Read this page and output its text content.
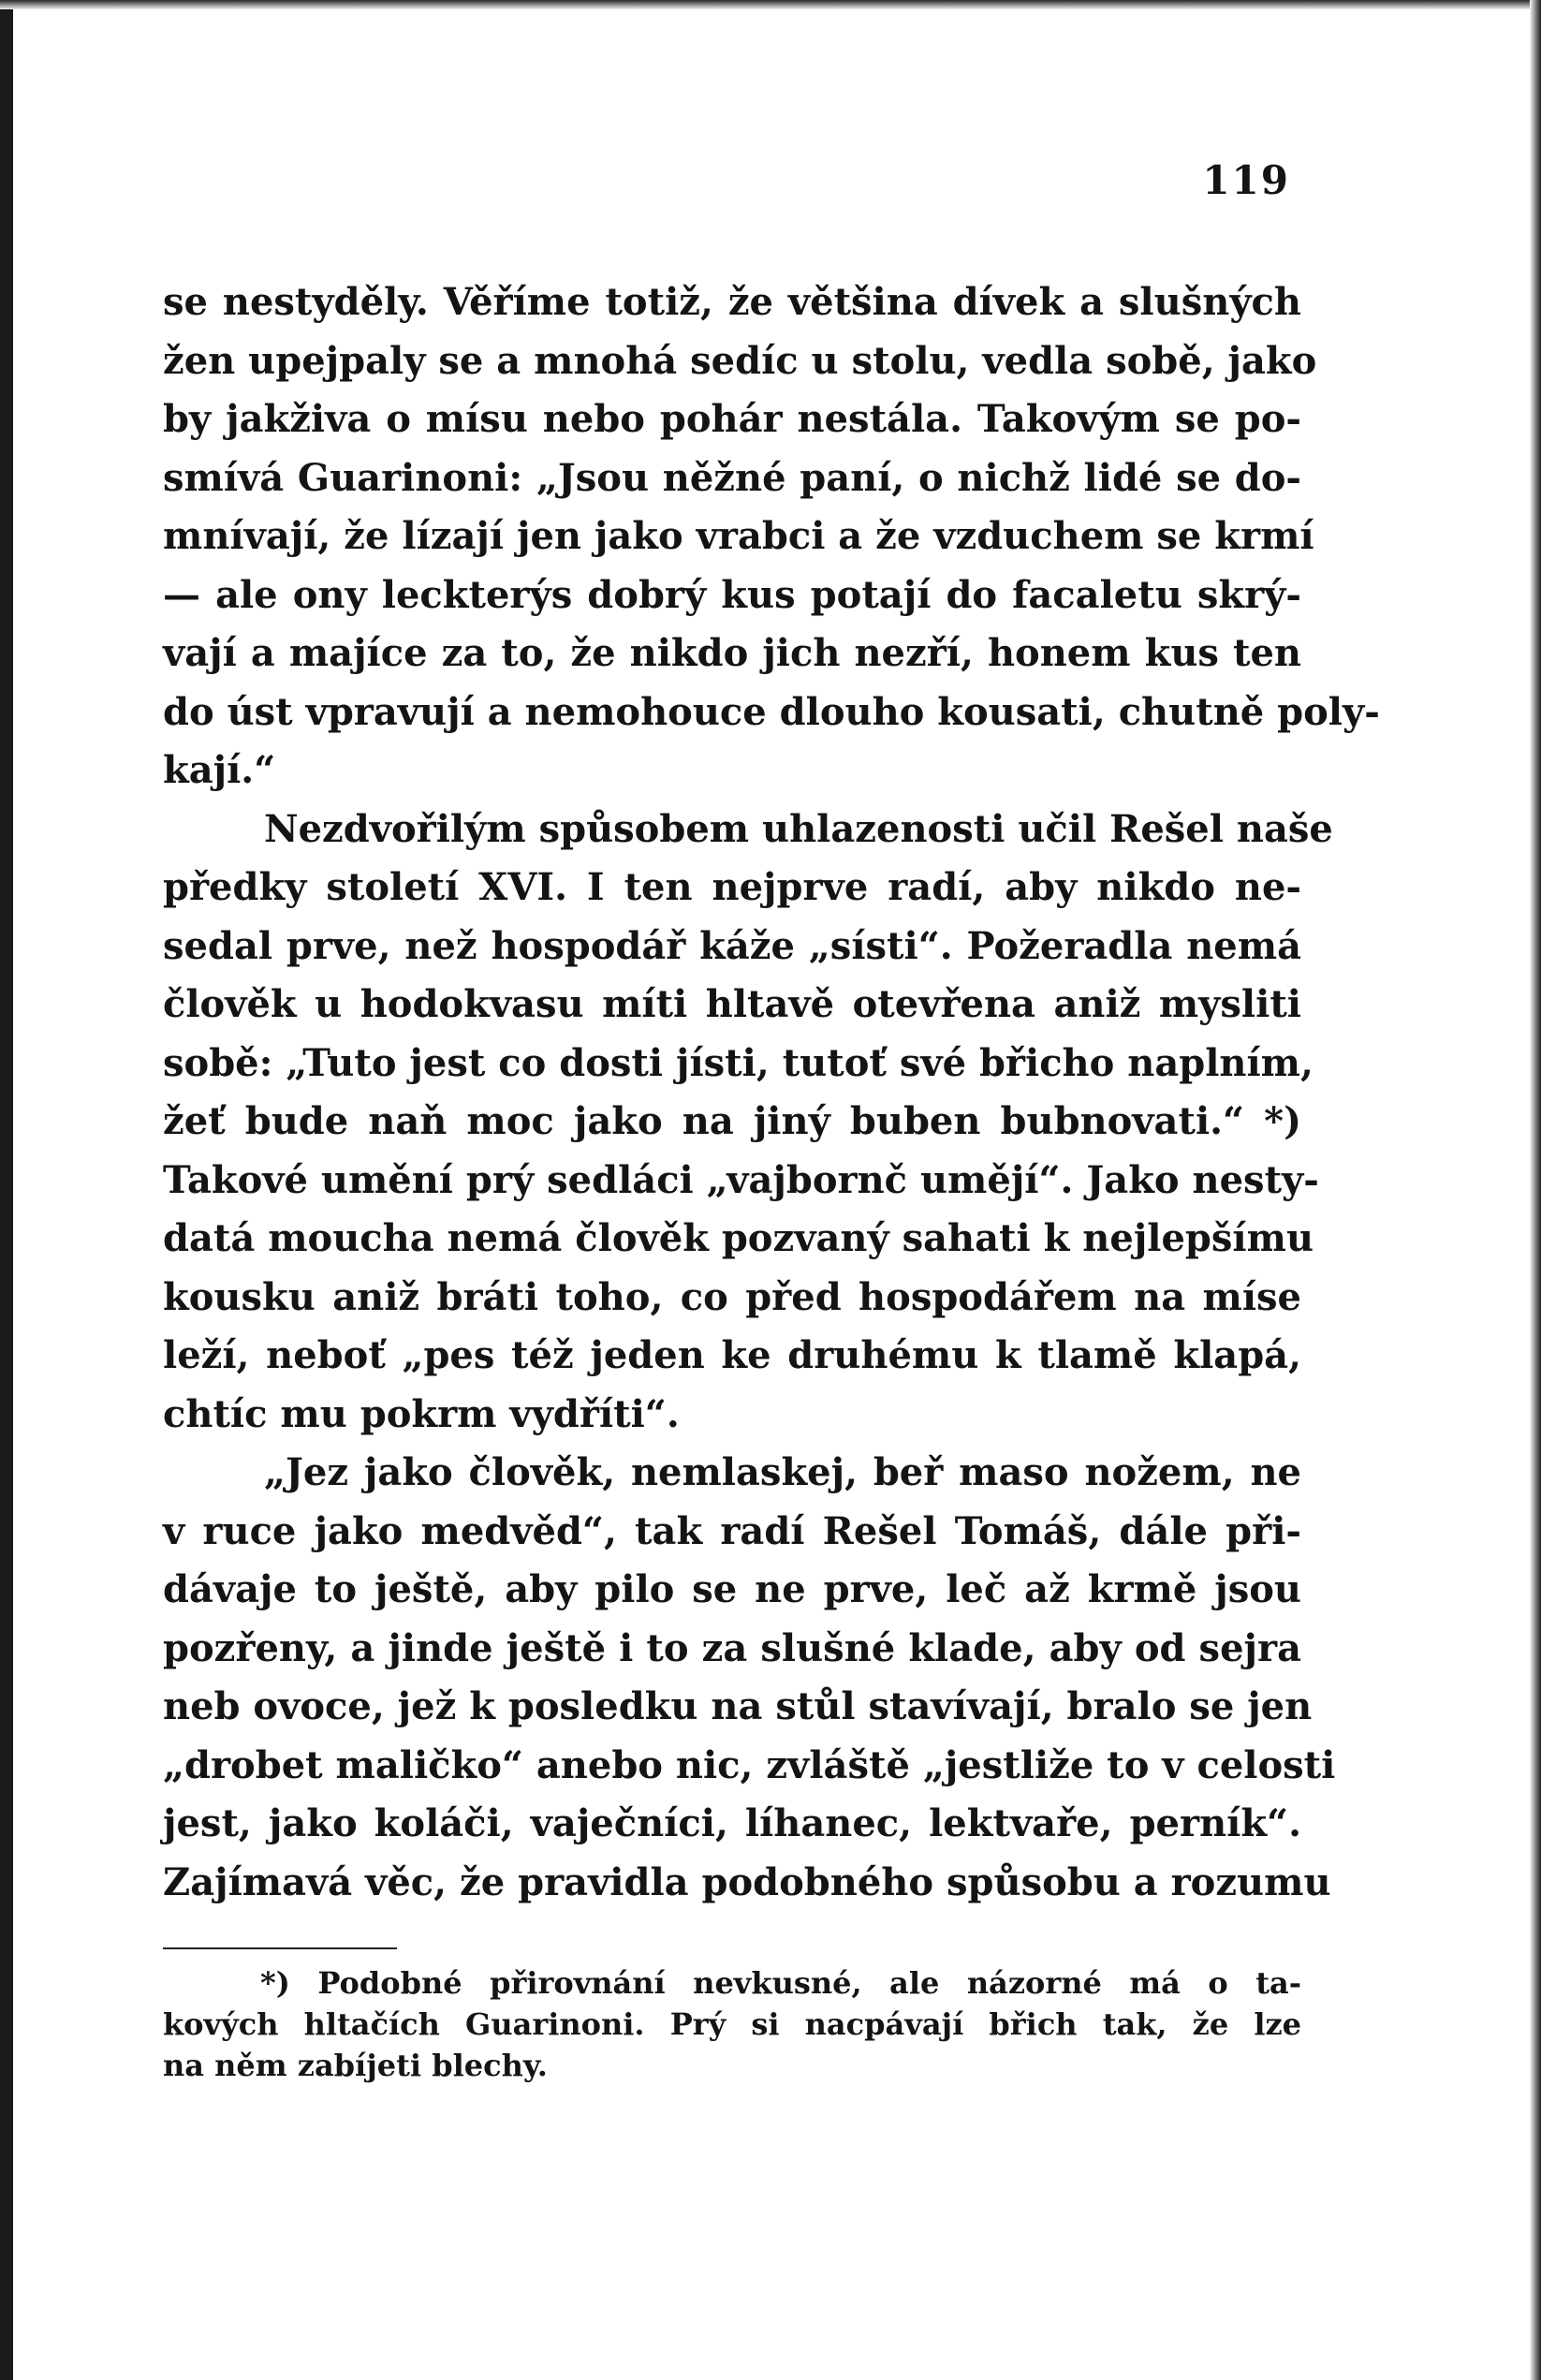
119
se nestyděly. Věříme totiž, že většina dívek a slušných
žen upejpaly se a mnohá sedíc u stolu, vedla sobě, jako
by jakživa o mísu nebo pohár nestála. Takovým se po-
smívá Guarinoni: „Jsou něžné paní, o nichž lidé se do-
mnívají, že lízají jen jako vrabci a že vzduchem se krmí
— ale ony leckterýs dobrý kus potají do facaletu skrý-
vají a majíce za to, že nikdo jich nezří, honem kus ten
do úst vpravují a nemohouce dlouho kousati, chutně poly-
kají.“
Nezdvořilým spůsobem uhlazenosti učil Rešel naše
předky století XVI. I ten nejprve radí, aby nikdo ne-
sedal prve, než hospodář káže „sísti“. Požeradla nemá
člověk u hodokvasu míti hltavě otevřena aniž mysliti
sobě: „Tuto jest co dosti jísti, tutoť své břicho naplním,
žeť bude naň moc jako na jiný buben bubnovati.“ *)
Takové umění prý sedláci „vajbornč umějí“. Jako nesty-
datá moucha nemá člověk pozvaný sahati k nejlepšímu
kousku aniž bráti toho, co před hospodářem na míse
leží, neboť „pes též jeden ke druhému k tlamě klapá,
chtíc mu pokrm vydříti“.
„Jez jako člověk, nemlaskej, beř maso nožem, ne
v ruce jako medvěd“, tak radí Rešel Tomáš, dále při-
dávaje to ještě, aby pilo se ne prve, leč až krmě jsou
pozřeny, a jinde ještě i to za slušné klade, aby od sejra
neb ovoce, jež k posledku na stůl stavívají, bralo se jen
„drobet maličko“ anebo nic, zvláště „jestliže to v celosti
jest, jako koláči, vaječníci, líhanec, lektvaře, perník“.
Zajímavá věc, že pravidla podobného spůsobu a rozumu
*) Podobné přirovnání nevkusné, ale názorné má o ta-
kových hltačích Guarinoni. Prý si nacpávají břich tak, že lze
na něm zabíjeti blechy.
